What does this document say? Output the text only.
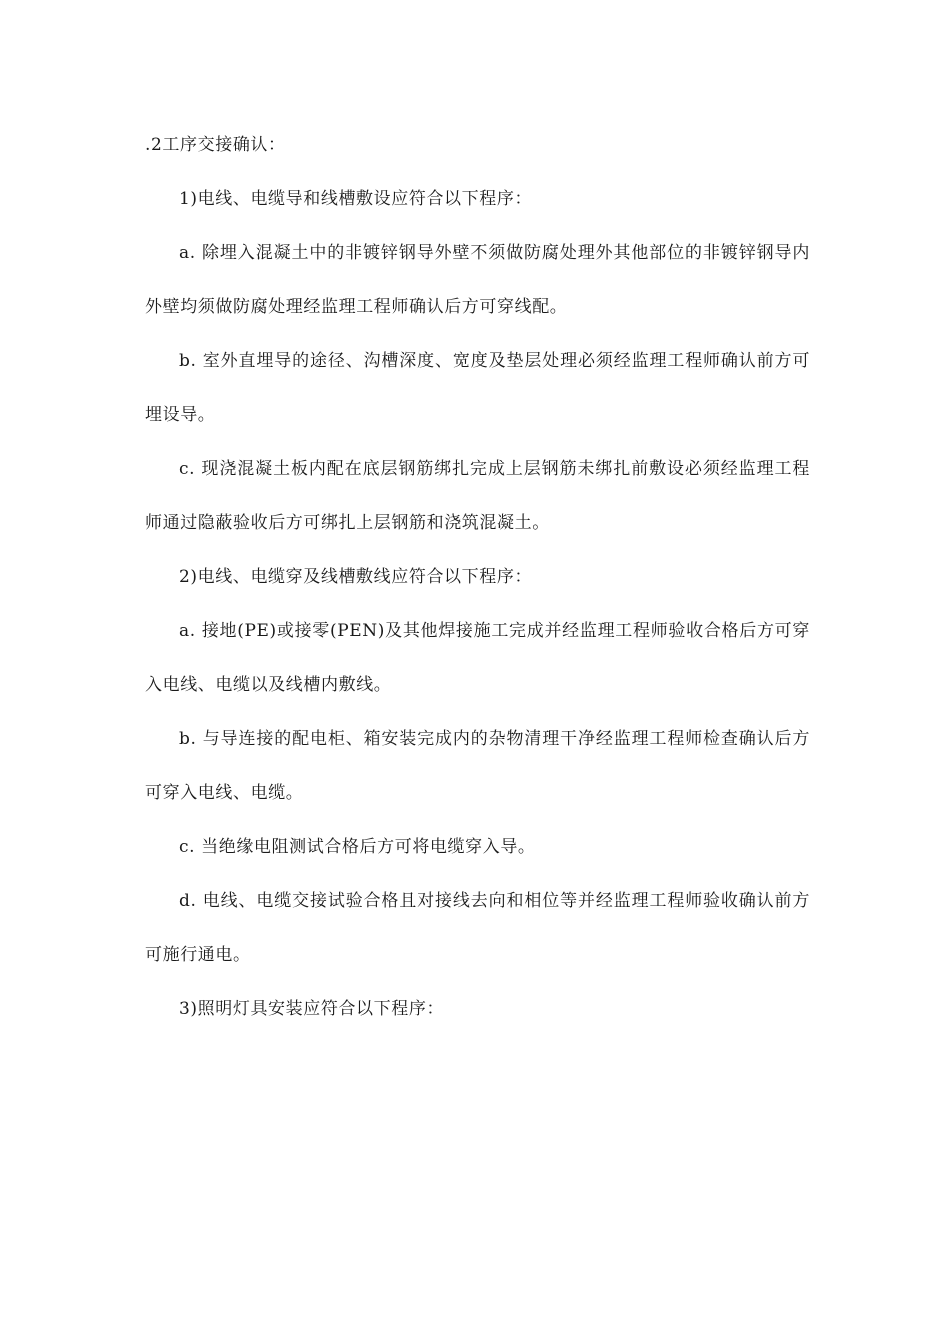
.2工序交接确认：

1)电线、电缆导和线槽敷设应符合以下程序：

a. 除埋入混凝土中的非镀锌钢导外壁不须做防腐处理外其他部位的非镀锌钢导内外壁均须做防腐处理经监理工程师确认后方可穿线配。

b. 室外直埋导的途径、沟槽深度、宽度及垫层处理必须经监理工程师确认前方可埋设导。

c. 现浇混凝土板内配在底层钢筋绑扎完成上层钢筋未绑扎前敷设必须经监理工程师通过隐蔽验收后方可绑扎上层钢筋和浇筑混凝土。

2)电线、电缆穿及线槽敷线应符合以下程序：

a. 接地(PE)或接零(PEN)及其他焊接施工完成并经监理工程师验收合格后方可穿入电线、电缆以及线槽内敷线。

b. 与导连接的配电柜、箱安装完成内的杂物清理干净经监理工程师检查确认后方可穿入电线、电缆。

c. 当绝缘电阻测试合格后方可将电缆穿入导。

d. 电线、电缆交接试验合格且对接线去向和相位等并经监理工程师验收确认前方可施行通电。

3)照明灯具安装应符合以下程序：
